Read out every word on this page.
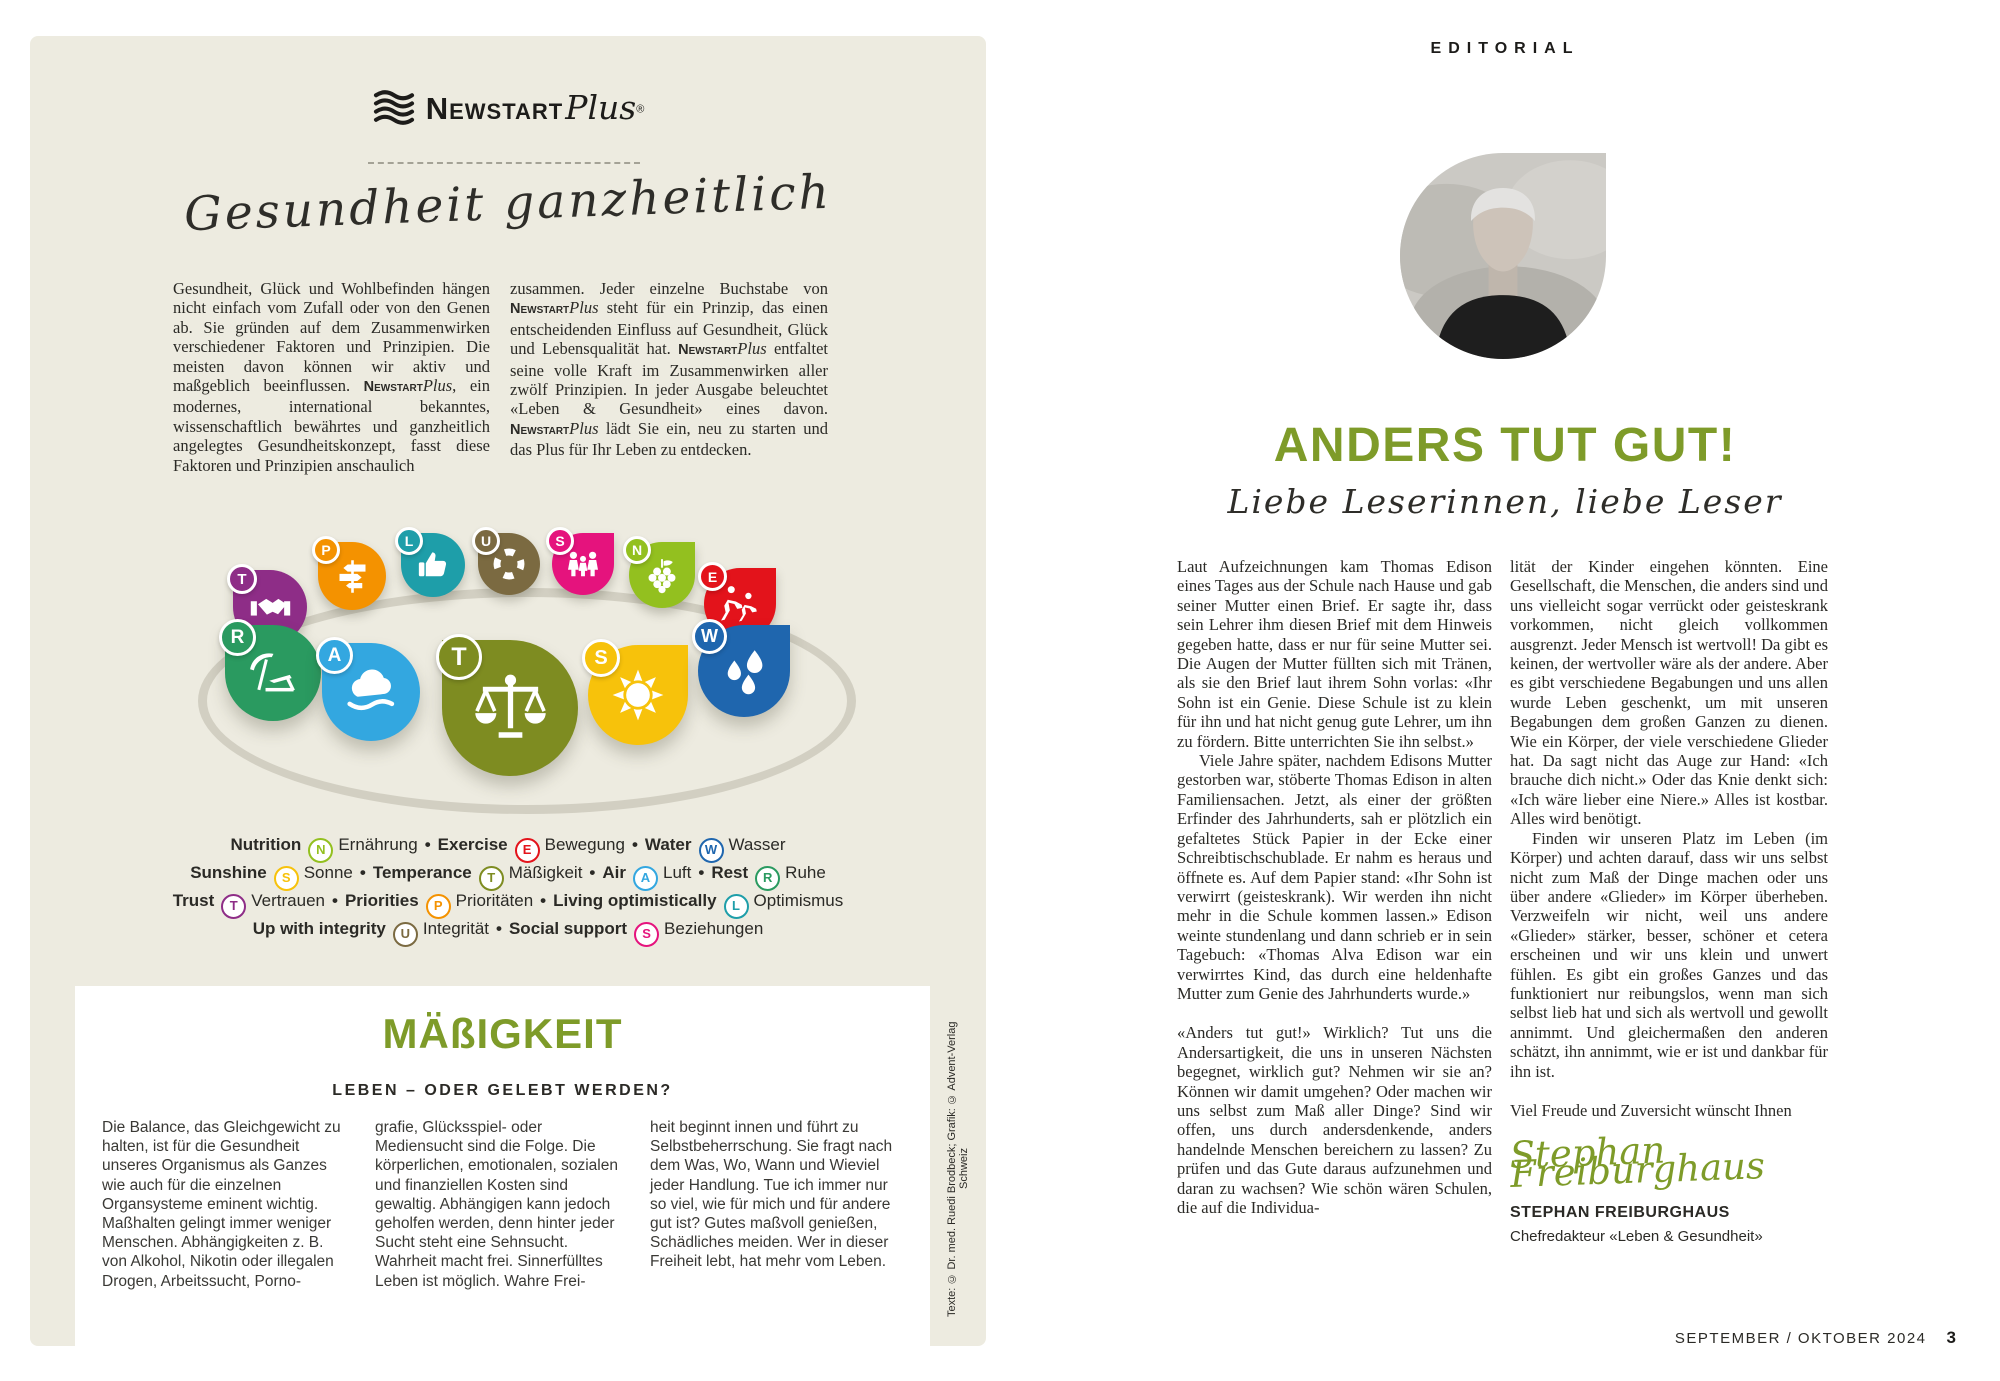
NewstartPlus®
Gesundheit ganzheitlich
Gesundheit, Glück und Wohlbefinden hängen nicht einfach vom Zufall oder von den Genen ab. Sie gründen auf dem Zusammenwirken verschiedener Faktoren und Prinzipien. Die meisten davon können wir aktiv und maßgeblich beeinflussen. NewstartPlus, ein modernes, international bekanntes, wissenschaftlich bewährtes und ganzheitlich angelegtes Gesundheitskonzept, fasst diese Faktoren und Prinzipien anschaulich
zusammen. Jeder einzelne Buchstabe von NewstartPlus steht für ein Prinzip, das einen entscheidenden Einfluss auf Gesundheit, Glück und Lebensqualität hat. NewstartPlus entfaltet seine volle Kraft im Zusammenwirken aller zwölf Prinzipien. In jeder Ausgabe beleuchtet «Leben & Gesundheit» eines davon. NewstartPlus lädt Sie ein, neu zu starten und das Plus für Ihr Leben zu entdecken.
T
P
L	U	S
N
E
R
A	T	S
W
Nutrition N Ernährung • Exercise E Bewegung • Water W Wasser
Sunshine S Sonne • Temperance T Mäßigkeit • Air A Luft • Rest R Ruhe
Trust T Vertrauen • Priorities P Prioritäten • Living optimistically L Optimismus
Up with integrity U Integrität • Social support S Beziehungen
MÄßIGKEIT
LEBEN – ODER GELEBT WERDEN?
Die Balance, das Gleichgewicht zu halten, ist für die Gesundheit unseres Organismus als Ganzes wie auch für die einzelnen Organsysteme eminent wichtig. Maßhalten gelingt immer weniger Menschen. Abhängigkeiten z. B. von Alkohol, Nikotin oder illegalen Drogen, Arbeitssucht, Porno-
grafie, Glücksspiel- oder Mediensucht sind die Folge. Die körperlichen, emotionalen, sozialen und finanziellen Kosten sind gewaltig. Abhängigen kann jedoch geholfen werden, denn hinter jeder Sucht steht eine Sehnsucht. Wahrheit macht frei. Sinnerfülltes Leben ist möglich. Wahre Frei-
heit beginnt innen und führt zu Selbstbeherrschung. Sie fragt nach dem Was, Wo, Wann und Wieviel jeder Handlung. Tue ich immer nur so viel, wie für mich und für andere gut ist? Gutes maßvoll genießen, Schädliches meiden. Wer in dieser Freiheit lebt, hat mehr vom Leben.	Texte: © Dr. med. Ruedi Brodbeck; Grafik: © Advent-Verlag Schweiz
EDITORIAL
ANDERS TUT GUT!
Liebe Leserinnen, liebe Leser

Laut Aufzeichnungen kam Thomas Edison eines Tages aus der Schule nach Hause und gab seiner Mutter einen Brief. Er sagte ihr, dass sein Lehrer ihm diesen Brief mit dem Hinweis gegeben hatte, dass er nur für seine Mutter sei. Die Augen der Mutter füllten sich mit Tränen, als sie den Brief laut ihrem Sohn vorlas: «Ihr Sohn ist ein Genie. Diese Schule ist zu klein für ihn und hat nicht genug gute Lehrer, um ihn zu fördern. Bitte unterrichten Sie ihn selbst.»

Viele Jahre später, nachdem Edisons Mutter gestorben war, stöberte Thomas Edison in alten Familiensachen. Jetzt, als einer der größten Erfinder des Jahrhunderts, sah er plötzlich ein gefaltetes Stück Papier in der Ecke einer Schreibtischschublade. Er nahm es heraus und öffnete es. Auf dem Papier stand: «Ihr Sohn ist verwirrt (geisteskrank). Wir werden ihn nicht mehr in die Schule kommen lassen.» Edison weinte stundenlang und dann schrieb er in sein Tagebuch: «Thomas Alva Edison war ein verwirrtes Kind, das durch eine heldenhafte Mutter zum Genie des Jahrhunderts wurde.»

«Anders tut gut!» Wirklich? Tut uns die Andersartigkeit, die uns in unseren Nächsten begegnet, wirklich gut? Nehmen wir sie an? Können wir damit umgehen? Oder machen wir uns selbst zum Maß aller Dinge? Sind wir offen, uns durch andersdenkende, anders handelnde Menschen bereichern zu lassen? Zu prüfen und das Gute daraus aufzunehmen und daran zu wachsen? Wie schön wären Schulen, die auf die Individua-

lität der Kinder eingehen könnten. Eine Gesellschaft, die Menschen, die anders sind und uns vielleicht sogar verrückt oder geisteskrank vorkommen, nicht gleich vollkommen ausgrenzt. Jeder Mensch ist wertvoll! Da gibt es keinen, der wertvoller wäre als der andere. Aber es gibt verschiedene Begabungen und uns allen wurde Leben geschenkt, um mit unseren Begabungen dem großen Ganzen zu dienen. Wie ein Körper, der viele verschiedene Glieder hat. Da sagt nicht das Auge zur Hand: «Ich brauche dich nicht.» Oder das Knie denkt sich: «Ich wäre lieber eine Niere.» Alles ist kostbar. Alles wird benötigt.

Finden wir unseren Platz im Leben (im Körper) und achten darauf, dass wir uns selbst nicht zum Maß der Dinge machen oder uns über andere «Glieder» im Körper überheben. Verzweifeln wir nicht, weil uns andere «Glieder» stärker, besser, schöner et cetera erscheinen und wir uns klein und unwert fühlen. Es gibt ein großes Ganzes und das funktioniert nur reibungslos, wenn man sich selbst lieb hat und sich als wertvoll und gewollt annimmt. Und gleichermaßen den anderen schätzt, ihn annimmt, wie er ist und dankbar für ihn ist.

Viel Freude und Zuversicht wünscht Ihnen

Stephan Freiburghaus
STEPHAN FREIBURGHAUS
Chefredakteur «Leben & Gesundheit»
SEPTEMBER / OKTOBER 2024 3
